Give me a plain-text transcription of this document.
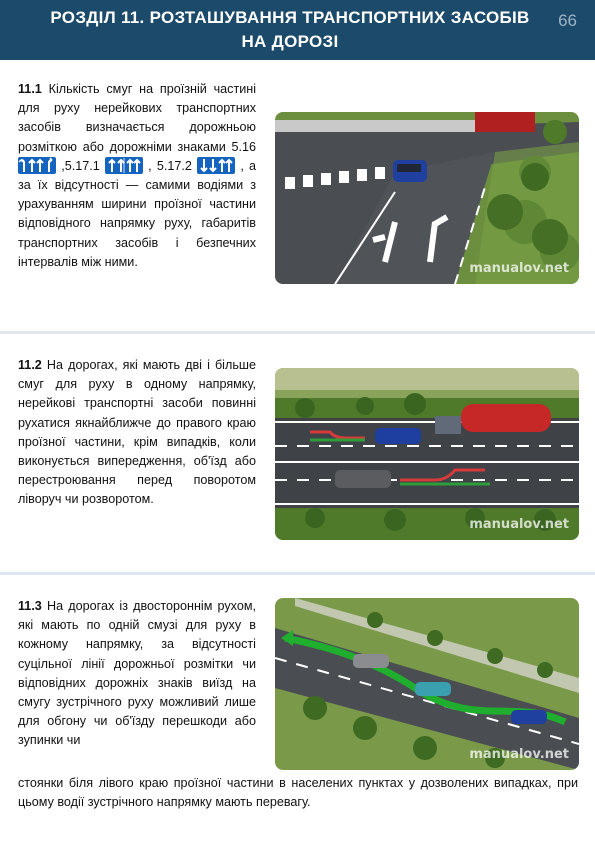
РОЗДІЛ 11. РОЗТАШУВАННЯ ТРАНСПОРТНИХ ЗАСОБІВ НА ДОРОЗІ
66
11.1 Кількість смуг на проїзній частині для руху нерейкових транспортних засобів визначається дорожньою розміткою або дорожніми знаками 5.16
,5.17.1	, 5.17.2	, а за їх відсутності — самими водіями з урахуванням ширини проїзної частини відповідного напрямку руху, габаритів транспортних засобів і безпечних інтервалів між ними.	manualov.net
11.2 На дорогах, які мають дві і більше смуг для руху в одному напрямку, нерейкові транспортні засоби повинні рухатися якнайближче до правого краю проїзної частини, крім випадків, коли виконується випередження, об'їзд або перестроювання перед поворотом ліворуч чи розворотом.
manualov.net
11.3 На дорогах із двостороннім рухом, які мають по одній смузі для руху в кожному напрямку, за відсутності суцільної лінії дорожньої розмітки чи відповідних дорожніх знаків виїзд на смугу зустрічного руху можливий лише для обгону чи об'їзду перешкоди або зупинки чи
стоянки біля лівого краю проїзної частини в населених пунктах у дозволених випадках, при цьому водії зустрічного напрямку мають перевагу.
manualov.net
